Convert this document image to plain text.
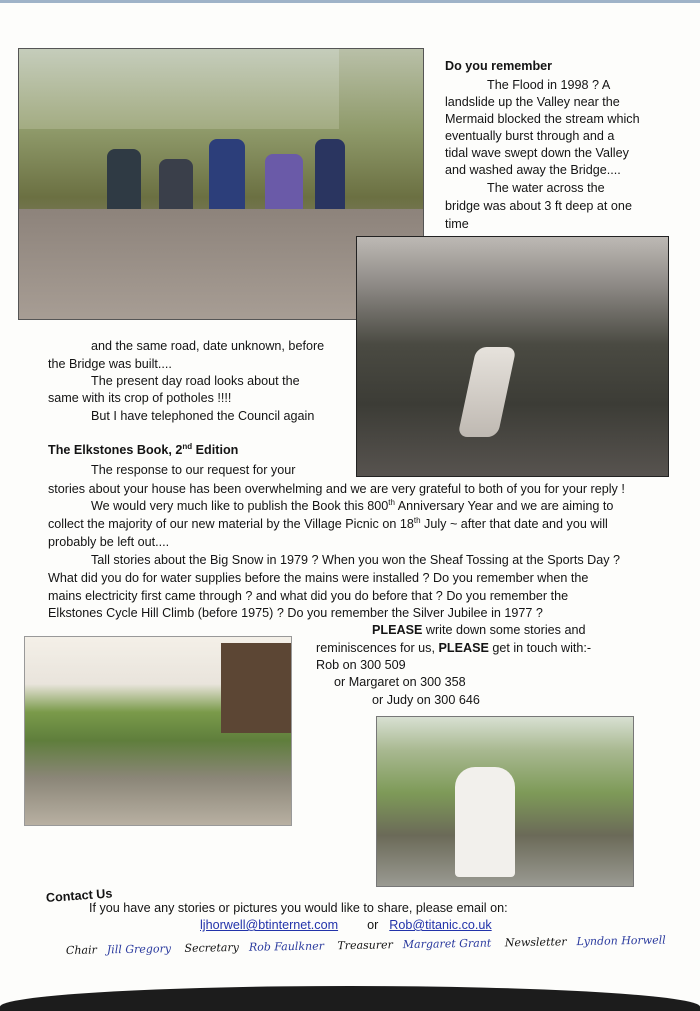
Do you remember

The Flood in 1998 ? A

landslide up the Valley near the

Mermaid blocked the stream which

eventually burst through and a

tidal wave swept down the Valley

and washed away the Bridge....

The water across the

bridge was about 3 ft deep at one

time

and the same road, date unknown, before

the Bridge was built....

The present day road looks about the

same with its crop of potholes !!!!

But I have telephoned the Council again

The Elkstones Book, 2nd Edition

The response to our request for your

stories about your house has been overwhelming and we are very grateful to both of you for your reply !

We would very much like to publish the Book this 800th Anniversary Year and we are aiming to

collect the majority of our new material by the Village Picnic on 18th July ~ after that date and you will

probably be left out....

Tall stories about the Big Snow in 1979 ? When you won the Sheaf Tossing at the Sports Day ?

What did you do for water supplies before the mains were installed ? Do you remember when the

mains electricity first came through ? and what did you do before that ? Do you remember the

Elkstones Cycle Hill Climb (before 1975) ? Do you remember the Silver Jubilee in 1977 ?

PLEASE write down some stories and

reminiscences for us, PLEASE get in touch with:-

Rob on 300 509

or Margaret on 300 358

or Judy on 300 646

Contact Us

If you have any stories or pictures you would like to share, please email on:

ljhorwell@btinternet.com or Rob@titanic.co.uk

Chair Jill Gregory Secretary Rob Faulkner Treasurer Margaret Grant Newsletter Lyndon Horwell
